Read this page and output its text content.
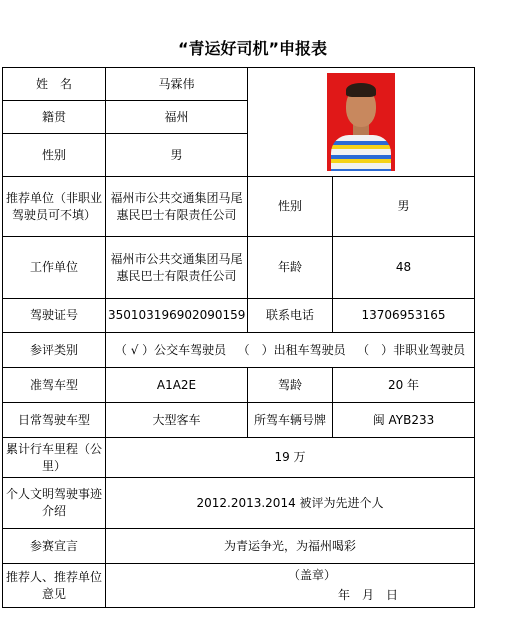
“青运好司机”申报表
姓　名	马霖伟		

籍贯	福州		
性别	男		
推荐单位（非职业驾驶员可不填）	福州市公共交通集团马尾惠民巴士有限责任公司	性别	男
工作单位	福州市公共交通集团马尾惠民巴士有限责任公司	年龄	48
驾驶证号	350103196902090159	联系电话	13706953165
参评类别	（ √ ）公交车驾驶员 （　）出租车驾驶员 （　）非职业驾驶员		
准驾车型	A1A2E	驾龄	20 年
日常驾驶车型	大型客车	所驾车辆号牌	闽 AYB233
累计行车里程（公里）	19 万		
个人文明驾驶事迹介绍	2012.2013.2014 被评为先进个人		
参赛宣言	为青运争光，为福州喝彩		
推荐人、推荐单位意见	（盖章）
年　月　日		
